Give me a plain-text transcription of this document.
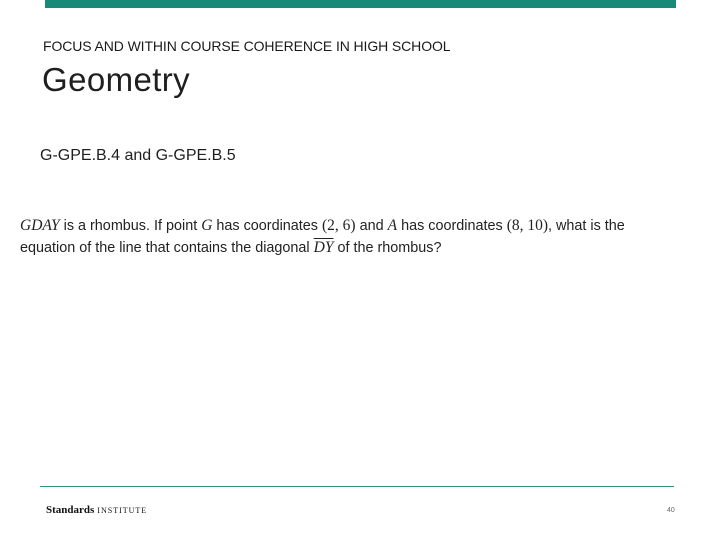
FOCUS AND WITHIN COURSE COHERENCE IN HIGH SCHOOL
Geometry
G-GPE.B.4 and G-GPE.B.5
GDAY is a rhombus. If point G has coordinates (2, 6) and A has coordinates (8, 10), what is the
equation of the line that contains the diagonal $\overline{DY}$ of the rhombus?
Standards INSTITUTE	40
